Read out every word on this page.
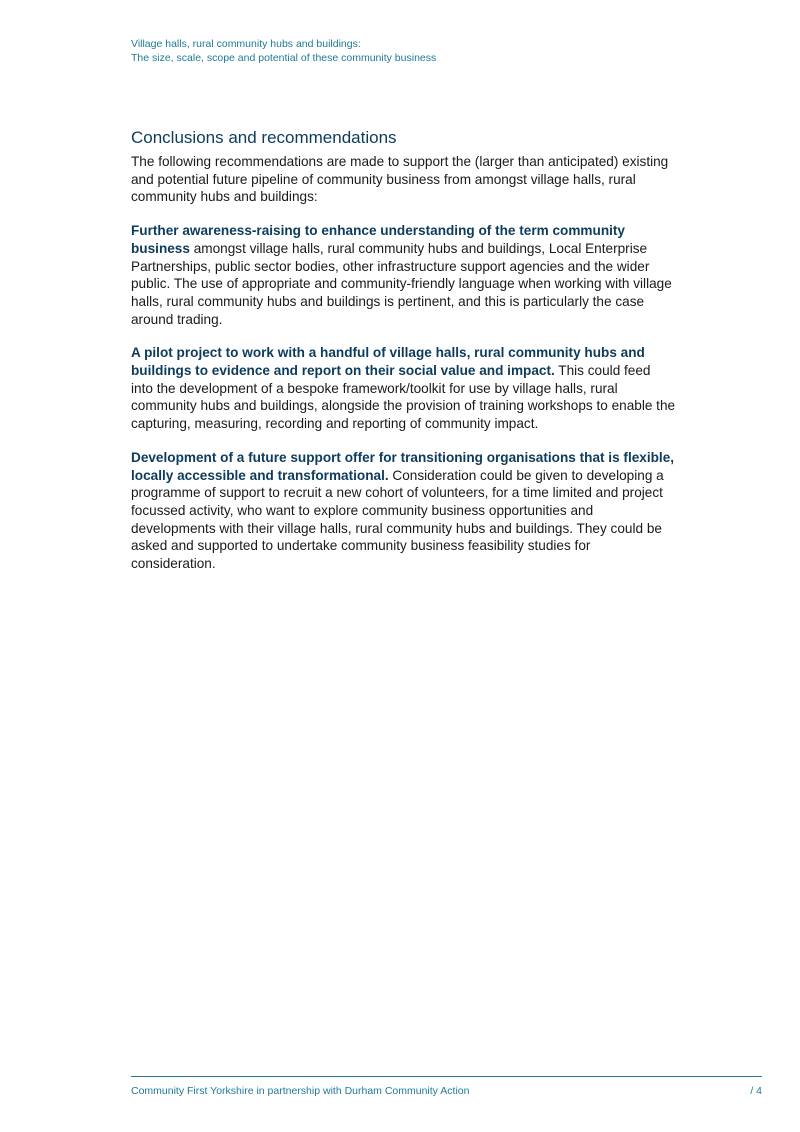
Village halls, rural community hubs and buildings:
The size, scale, scope and potential of these community business
Conclusions and recommendations

The following recommendations are made to support the (larger than anticipated) existing and potential future pipeline of community business from amongst village halls, rural community hubs and buildings:

Further awareness-raising to enhance understanding of the term community business amongst village halls, rural community hubs and buildings, Local Enterprise Partnerships, public sector bodies, other infrastructure support agencies and the wider public. The use of appropriate and community-friendly language when working with village halls, rural community hubs and buildings is pertinent, and this is particularly the case around trading.

A pilot project to work with a handful of village halls, rural community hubs and buildings to evidence and report on their social value and impact. This could feed into the development of a bespoke framework/toolkit for use by village halls, rural community hubs and buildings, alongside the provision of training workshops to enable the capturing, measuring, recording and reporting of community impact.

Development of a future support offer for transitioning organisations that is flexible, locally accessible and transformational. Consideration could be given to developing a programme of support to recruit a new cohort of volunteers, for a time limited and project focussed activity, who want to explore community business opportunities and developments with their village halls, rural community hubs and buildings. They could be asked and supported to undertake community business feasibility studies for consideration.

Community First Yorkshire in partnership with Durham Community Action	/ 4
